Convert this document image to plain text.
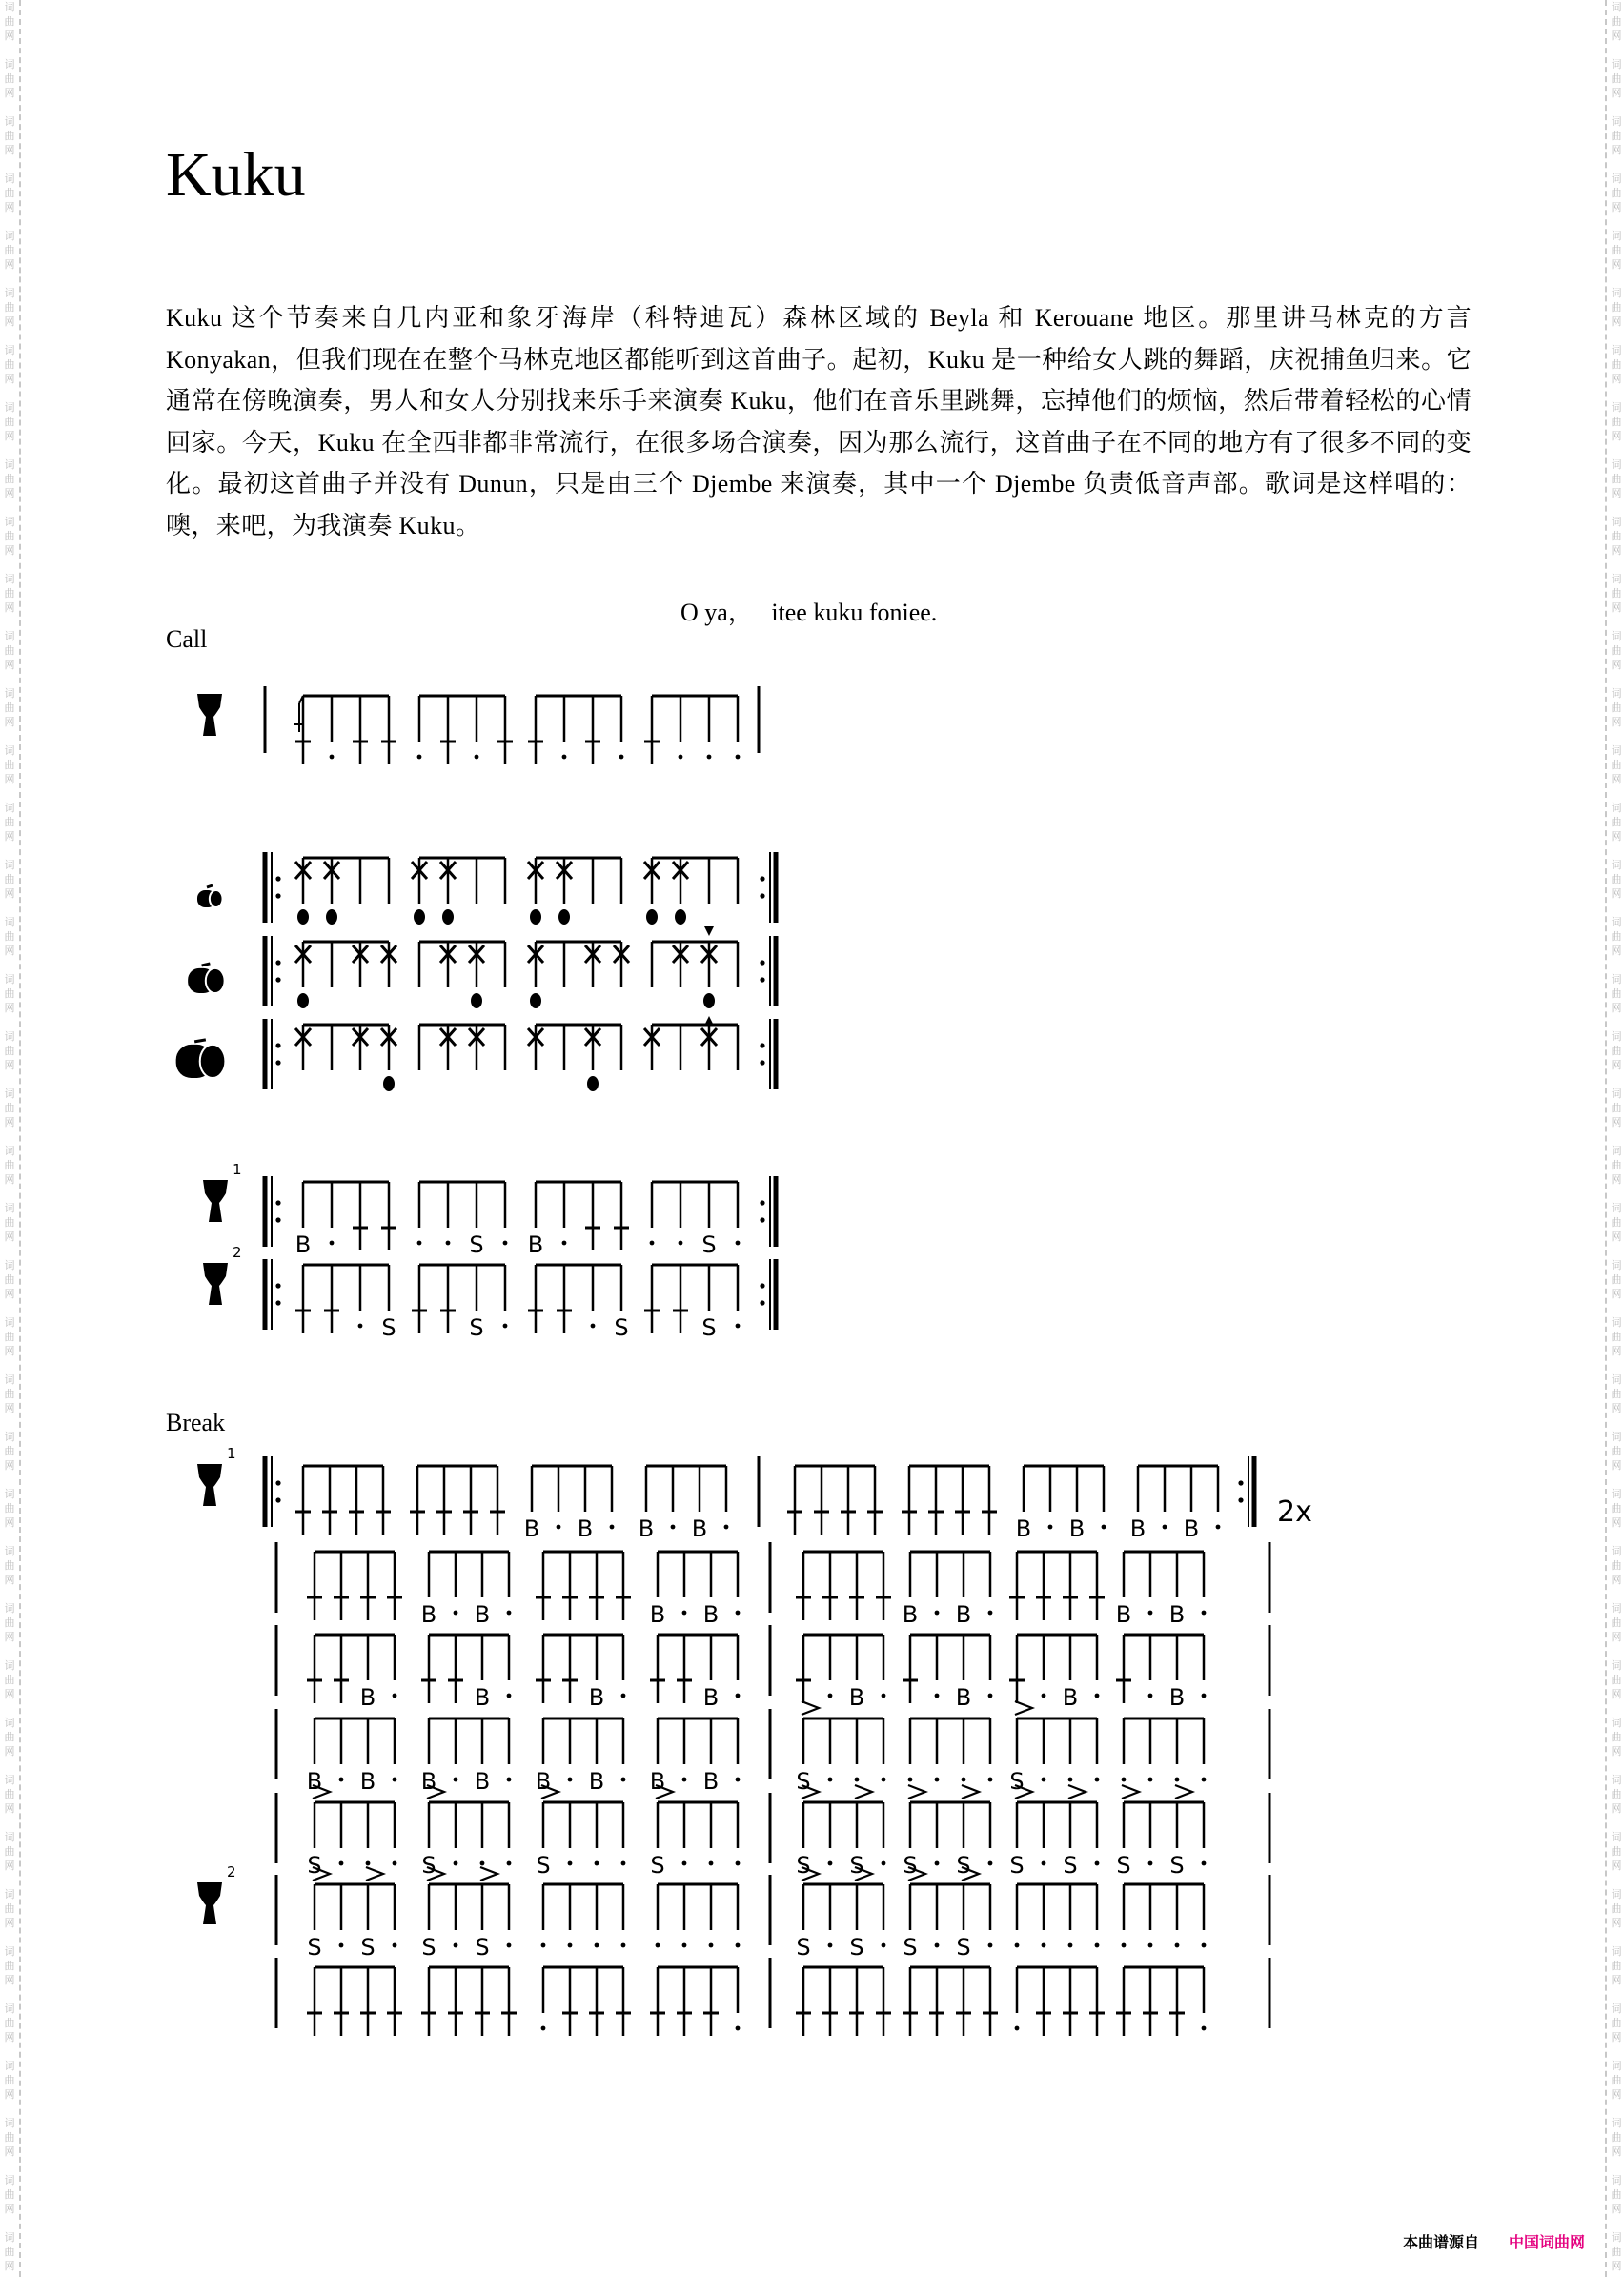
词
曲
网
词
曲
网
词
曲
网
词
曲
网
词
曲
网
词
曲
网
词
曲
网
词
曲
网
词
曲
网
词
曲
网
词
曲
网
词
曲
网
词
曲
网
词
曲
网
词
曲
网
词
曲
网
词
曲
网
词
曲
网
词
曲
网
词
曲
网
词
曲
网
词
曲
网
词
曲
网
词
曲
网
词
曲
网
词
曲
网
词
曲
网
词
曲
网
词
曲
网
词
曲
网
词
曲
网
词
曲
网
词
曲
网
词
曲
网
词
曲
网
词
曲
网
词
曲
网
词
曲
网
词
曲
网
词
曲
网
词
曲
网
词
曲
网
词
曲
网
词
曲
网
词
曲
网
词
曲
网
词
曲
网
词
曲
网
词
曲
网
词
曲
网
词
曲
网
词
曲
网
词
曲
网
词
曲
网
词
曲
网
词
曲
网
词
曲
网
词
曲
网
词
曲
网
词
曲
网
词
曲
网
词
曲
网
词
曲
网
词
曲
网
词
曲
网
词
曲
网
词
曲
网
词
曲
网
词
曲
网
词
曲
网
词
曲
网
词
曲
网
词
曲
网
词
曲
网
词
曲
网
词
曲
网
词
曲
网
词
曲
网
词
曲
网
词
曲
网
Kuku
Kuku 这个节奏来自几内亚和象牙海岸（科特迪瓦）森林区域的 Beyla 和 Kerouane 地区。那里讲马林克的方言 Konyakan，但我们现在在整个马林克地区都能听到这首曲子。起初，Kuku 是一种给女人跳的舞蹈，庆祝捕鱼归来。它通常在傍晚演奏，男人和女人分别找来乐手来演奏 Kuku，他们在音乐里跳舞，忘掉他们的烦恼，然后带着轻松的心情回家。今天，Kuku 在全西非都非常流行，在很多场合演奏，因为那么流行，这首曲子在不同的地方有了很多不同的变化。最初这首曲子并没有 Dunun，只是由三个 Djembe 来演奏，其中一个 Djembe 负责低音声部。歌词是这样唱的：噢，来吧，为我演奏 Kuku。
O ya，   itee kuku foniee.
Call
Break
1
B	S B	S
2
S	S	S	S
1
2x
B B B B	B B B B
B B	B B	B B	B B
B	B	B	B	B	B	B	B
B B B B B B B B	S	S
S	S	S	S	S S S S S S S S
2
S S S S	S S S S
本曲谱源自 中国词曲网
